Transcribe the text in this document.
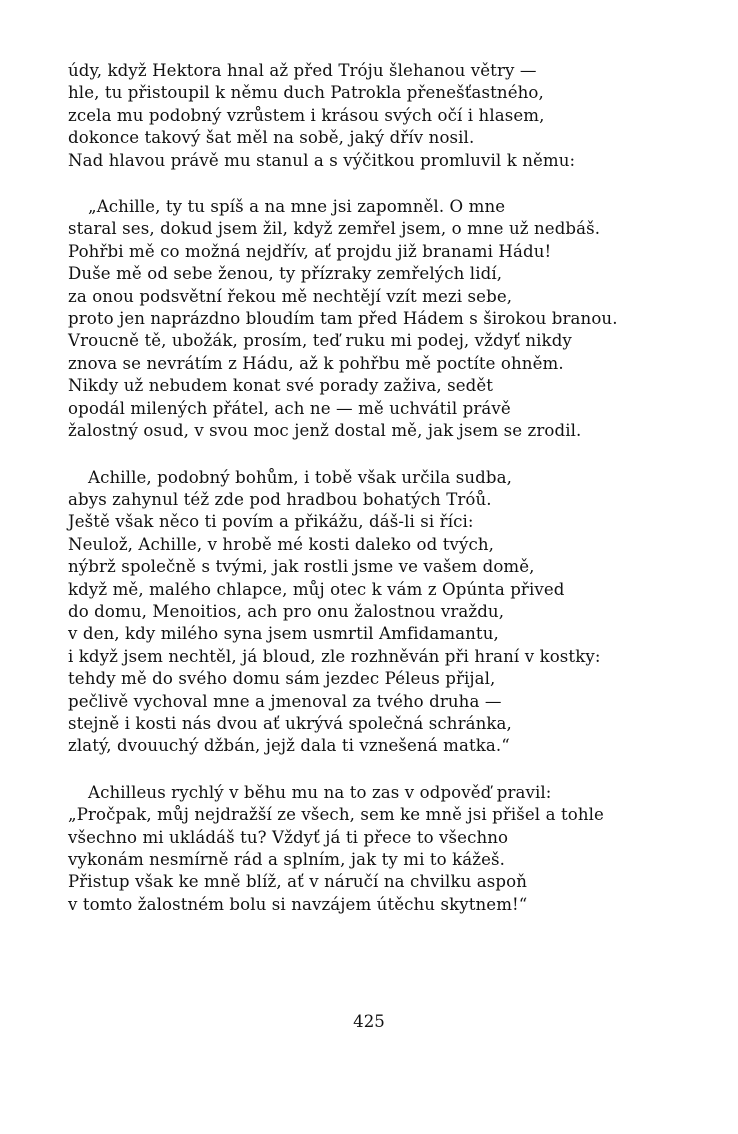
údy, když Hektora hnal až před Tróju šlehanou větry —
hle, tu přistoupil k němu duch Patrokla přenešťastného,
zcela mu podobný vzrůstem i krásou svých očí i hlasem,
dokonce takový šat měl na sobě, jaký dřív nosil.
Nad hlavou právě mu stanul a s výčitkou promluvil k němu:
„Achille, ty tu spíš a na mne jsi zapomněl. O mne
staral ses, dokud jsem žil, když zemřel jsem, o mne už nedbáš.
Pohřbi mě co možná nejdřív, ať projdu již branami Hádu!
Duše mě od sebe ženou, ty přízraky zemřelých lidí,
za onou podsvětní řekou mě nechtějí vzít mezi sebe,
proto jen naprázdno bloudím tam před Hádem s širokou branou.
Vroucně tě, ubožák, prosím, teď ruku mi podej, vždyť nikdy
znova se nevrátím z Hádu, až k pohřbu mě poctíte ohněm.
Nikdy už nebudem konat své porady zaživa, sedět
opodál milených přátel, ach ne — mě uchvátil právě
žalostný osud, v svou moc jenž dostal mě, jak jsem se zrodil.
Achille, podobný bohům, i tobě však určila sudba,
abys zahynul též zde pod hradbou bohatých Tróů.
Ještě však něco ti povím a přikážu, dáš-li si říci:
Neulož, Achille, v hrobě mé kosti daleko od tvých,
nýbrž společně s tvými, jak rostli jsme ve vašem domě,
když mě, malého chlapce, můj otec k vám z Opúnta přived
do domu, Menoitios, ach pro onu žalostnou vraždu,
v den, kdy milého syna jsem usmrtil Amfidamantu,
i když jsem nechtěl, já bloud, zle rozhněván při hraní v kostky:
tehdy mě do svého domu sám jezdec Péleus přijal,
pečlivě vychoval mne a jmenoval za tvého druha —
stejně i kosti nás dvou ať ukrývá společná schránka,
zlatý, dvouuchý džbán, jejž dala ti vznešená matka.“
Achilleus rychlý v běhu mu na to zas v odpověď pravil:
„Pročpak, můj nejdražší ze všech, sem ke mně jsi přišel a tohle
všechno mi ukládáš tu? Vždyť já ti přece to všechno
vykonám nesmírně rád a splním, jak ty mi to kážeš.
Přistup však ke mně blíž, ať v náručí na chvilku aspoň
v tomto žalostném bolu si navzájem útěchu skytnem!“
425
